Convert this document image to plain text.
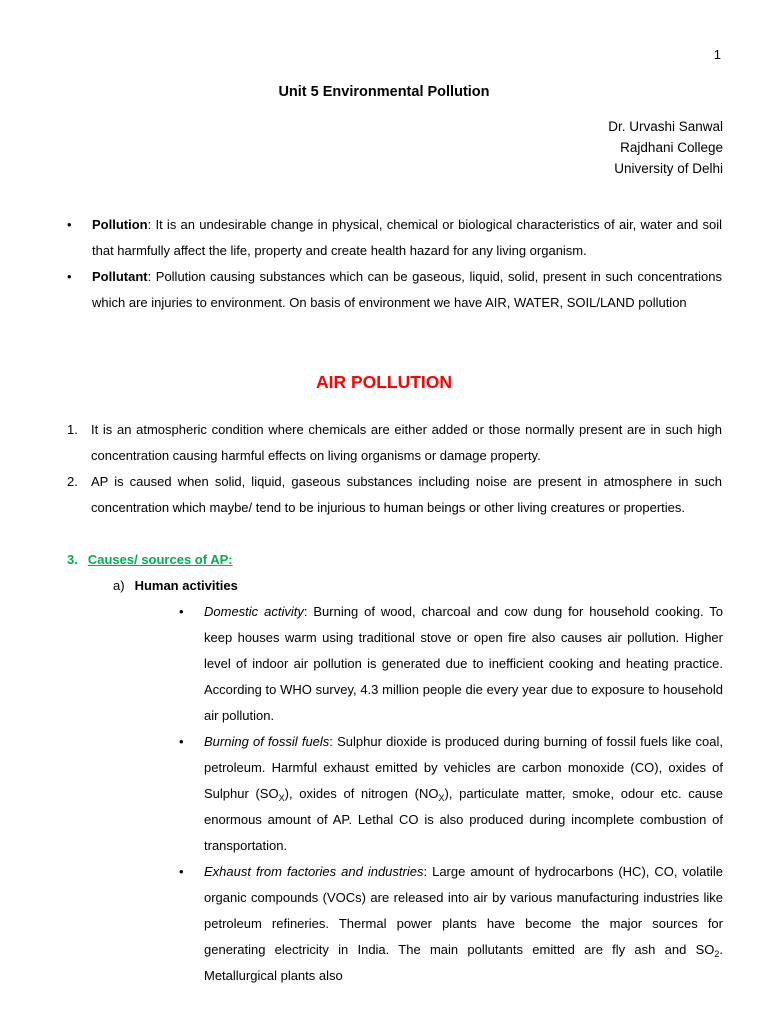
1
Unit 5 Environmental Pollution
Dr. Urvashi Sanwal
Rajdhani College
University of Delhi
• Pollution: It is an undesirable change in physical, chemical or biological characteristics of air, water and soil that harmfully affect the life, property and create health hazard for any living organism.
• Pollutant: Pollution causing substances which can be gaseous, liquid, solid, present in such concentrations which are injuries to environment. On basis of environment we have AIR, WATER, SOIL/LAND pollution
AIR POLLUTION
1. It is an atmospheric condition where chemicals are either added or those normally present are in such high concentration causing harmful effects on living organisms or damage property.
2. AP is caused when solid, liquid, gaseous substances including noise are present in atmosphere in such concentration which maybe/ tend to be injurious to human beings or other living creatures or properties.
3. Causes/ sources of AP:
a) Human activities
• Domestic activity: Burning of wood, charcoal and cow dung for household cooking. To keep houses warm using traditional stove or open fire also causes air pollution. Higher level of indoor air pollution is generated due to inefficient cooking and heating practice. According to WHO survey, 4.3 million people die every year due to exposure to household air pollution.
• Burning of fossil fuels: Sulphur dioxide is produced during burning of fossil fuels like coal, petroleum. Harmful exhaust emitted by vehicles are carbon monoxide (CO), oxides of Sulphur $(SO_X)$, oxides of nitrogen $(NO_X)$, particulate matter, smoke, odour etc. cause enormous amount of AP. Lethal CO is also produced during incomplete combustion of transportation.
• Exhaust from factories and industries: Large amount of hydrocarbons (HC), CO, volatile organic compounds (VOCs) are released into air by various manufacturing industries like petroleum refineries. Thermal power plants have become the major sources for generating electricity in India. The main pollutants emitted are fly ash and $SO_2$. Metallurgical plants also
